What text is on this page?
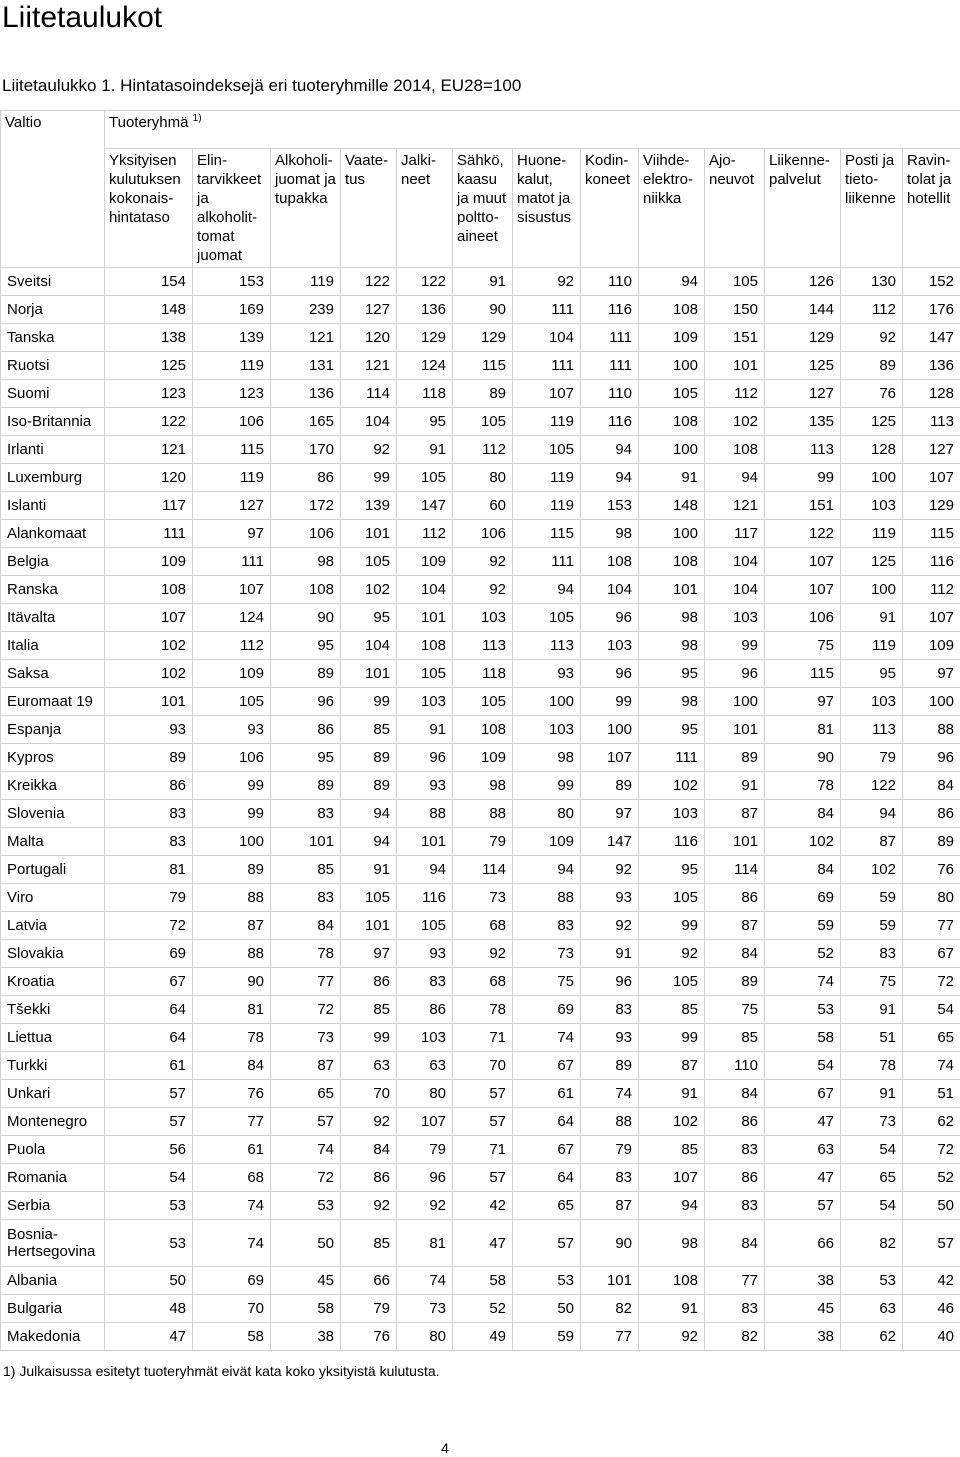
Liitetaulukot
Liitetaulukko 1. Hintatasoindeksejä eri tuoteryhmille 2014, EU28=100
Valtio	Tuoteryhmä $^{1)}$
	Yksityisen kulutuksen kokonais-hintataso	Elin-tarvikkeet ja alkoholit-tomat juomat	Alkoholi-juomat ja tupakka	Vaate-tus	Jalki-neet	Sähkö, kaasu ja muut poltto-aineet	Huone-kalut, matot ja sisustus	Kodin-koneet	Viihde-elektro-niikka	Ajo-neuvot	Liikenne-palvelut	Posti ja tieto-liikenne	Ravin-tolat ja hotellit
Sveitsi	154	153	119	122	122	91	92	110	94	105	126	130	152
Norja	148	169	239	127	136	90	111	116	108	150	144	112	176
Tanska	138	139	121	120	129	129	104	111	109	151	129	92	147
Ruotsi	125	119	131	121	124	115	111	111	100	101	125	89	136
Suomi	123	123	136	114	118	89	107	110	105	112	127	76	128
Iso-Britannia	122	106	165	104	95	105	119	116	108	102	135	125	113
Irlanti	121	115	170	92	91	112	105	94	100	108	113	128	127
Luxemburg	120	119	86	99	105	80	119	94	91	94	99	100	107
Islanti	117	127	172	139	147	60	119	153	148	121	151	103	129
Alankomaat	111	97	106	101	112	106	115	98	100	117	122	119	115
Belgia	109	111	98	105	109	92	111	108	108	104	107	125	116
Ranska	108	107	108	102	104	92	94	104	101	104	107	100	112
Itävalta	107	124	90	95	101	103	105	96	98	103	106	91	107
Italia	102	112	95	104	108	113	113	103	98	99	75	119	109
Saksa	102	109	89	101	105	118	93	96	95	96	115	95	97
Euromaat 19	101	105	96	99	103	105	100	99	98	100	97	103	100
Espanja	93	93	86	85	91	108	103	100	95	101	81	113	88
Kypros	89	106	95	89	96	109	98	107	111	89	90	79	96
Kreikka	86	99	89	89	93	98	99	89	102	91	78	122	84
Slovenia	83	99	83	94	88	88	80	97	103	87	84	94	86
Malta	83	100	101	94	101	79	109	147	116	101	102	87	89
Portugali	81	89	85	91	94	114	94	92	95	114	84	102	76
Viro	79	88	83	105	116	73	88	93	105	86	69	59	80
Latvia	72	87	84	101	105	68	83	92	99	87	59	59	77
Slovakia	69	88	78	97	93	92	73	91	92	84	52	83	67
Kroatia	67	90	77	86	83	68	75	96	105	89	74	75	72
Tšekki	64	81	72	85	86	78	69	83	85	75	53	91	54
Liettua	64	78	73	99	103	71	74	93	99	85	58	51	65
Turkki	61	84	87	63	63	70	67	89	87	110	54	78	74
Unkari	57	76	65	70	80	57	61	74	91	84	67	91	51
Montenegro	57	77	57	92	107	57	64	88	102	86	47	73	62
Puola	56	61	74	84	79	71	67	79	85	83	63	54	72
Romania	54	68	72	86	96	57	64	83	107	86	47	65	52
Serbia	53	74	53	92	92	42	65	87	94	83	57	54	50
Bosnia-Hertsegovina	53	74	50	85	81	47	57	90	98	84	66	82	57
Albania	50	69	45	66	74	58	53	101	108	77	38	53	42
Bulgaria	48	70	58	79	73	52	50	82	91	83	45	63	46
Makedonia	47	58	38	76	80	49	59	77	92	82	38	62	40
1) Julkaisussa esitetyt tuoteryhmät eivät kata koko yksityistä kulutusta.
4
